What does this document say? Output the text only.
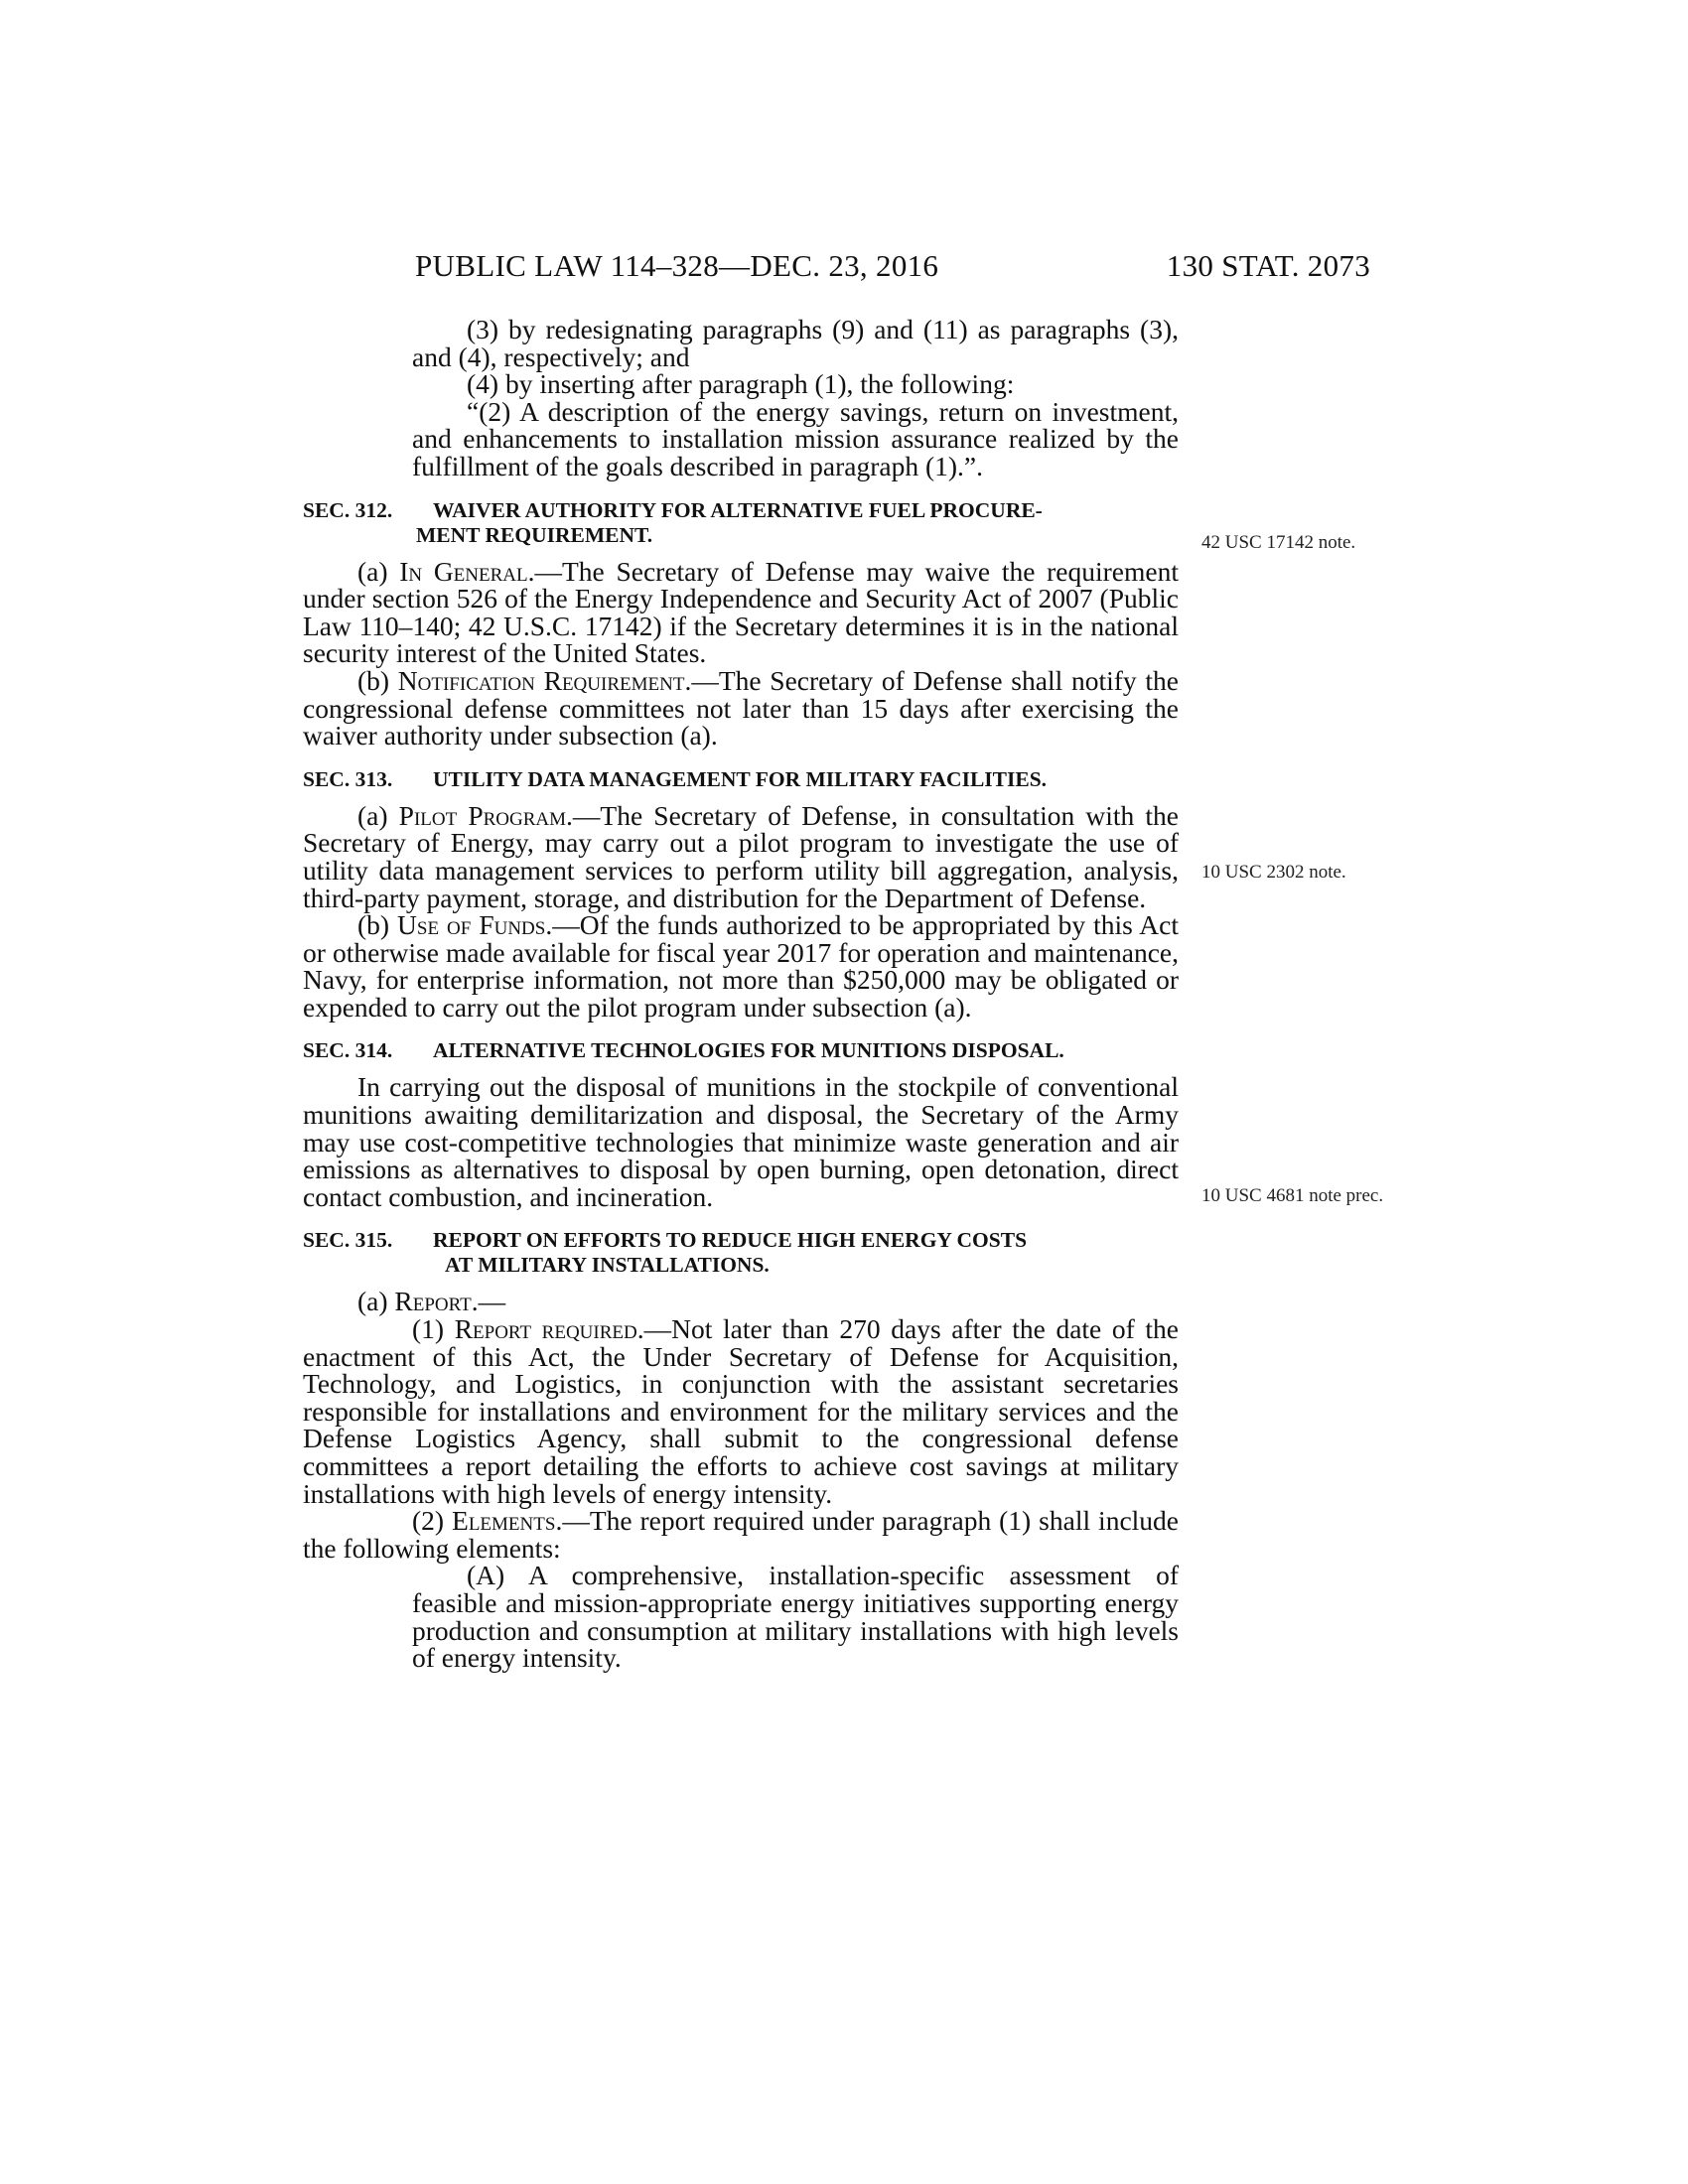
PUBLIC LAW 114–328—DEC. 23, 2016	130 STAT. 2073
42 USC 17142 note.
10 USC 2302 note.
10 USC 4681 note prec.

(3) by redesignating paragraphs (9) and (11) as paragraphs (3), and (4), respectively; and

(4) by inserting after paragraph (1), the following:

“(2) A description of the energy savings, return on investment, and enhancements to installation mission assurance realized by the fulfillment of the goals described in paragraph (1).”.

SEC. 312. WAIVER AUTHORITY FOR ALTERNATIVE FUEL PROCURE-
MENT REQUIREMENT.

(a) In General.—The Secretary of Defense may waive the requirement under section 526 of the Energy Independence and Security Act of 2007 (Public Law 110–140; 42 U.S.C. 17142) if the Secretary determines it is in the national security interest of the United States.

(b) Notification Requirement.—The Secretary of Defense shall notify the congressional defense committees not later than 15 days after exercising the waiver authority under subsection (a).

SEC. 313. UTILITY DATA MANAGEMENT FOR MILITARY FACILITIES.

(a) Pilot Program.—The Secretary of Defense, in consultation with the Secretary of Energy, may carry out a pilot program to investigate the use of utility data management services to perform utility bill aggregation, analysis, third-party payment, storage, and distribution for the Department of Defense.

(b) Use of Funds.—Of the funds authorized to be appropriated by this Act or otherwise made available for fiscal year 2017 for operation and maintenance, Navy, for enterprise information, not more than $250,000 may be obligated or expended to carry out the pilot program under subsection (a).

SEC. 314. ALTERNATIVE TECHNOLOGIES FOR MUNITIONS DISPOSAL.

In carrying out the disposal of munitions in the stockpile of conventional munitions awaiting demilitarization and disposal, the Secretary of the Army may use cost-competitive technologies that minimize waste generation and air emissions as alternatives to disposal by open burning, open detonation, direct contact combustion, and incineration.

SEC. 315. REPORT ON EFFORTS TO REDUCE HIGH ENERGY COSTS
AT MILITARY INSTALLATIONS.

(a) Report.—

(1) Report required.—Not later than 270 days after the date of the enactment of this Act, the Under Secretary of Defense for Acquisition, Technology, and Logistics, in conjunction with the assistant secretaries responsible for installations and environment for the military services and the Defense Logistics Agency, shall submit to the congressional defense committees a report detailing the efforts to achieve cost savings at military installations with high levels of energy intensity.

(2) Elements.—The report required under paragraph (1) shall include the following elements:

(A) A comprehensive, installation-specific assessment of feasible and mission-appropriate energy initiatives supporting energy production and consumption at military installations with high levels of energy intensity.
